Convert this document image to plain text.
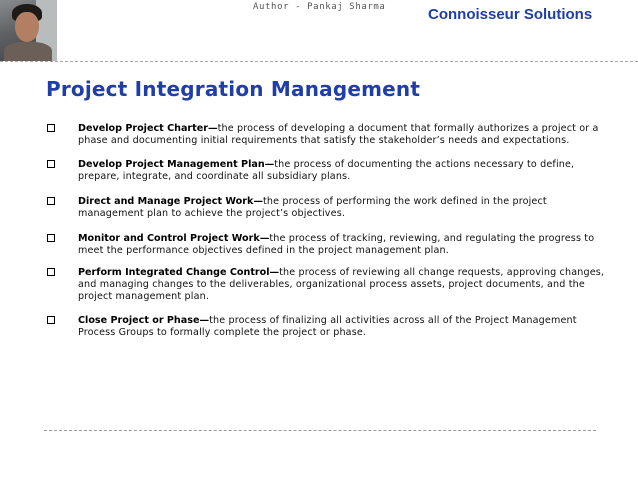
Author - Pankaj Sharma	Connoisseur Solutions
Project Integration Management
Develop Project Charter—the process of developing a document that formally authorizes a project or a phase and documenting initial requirements that satisfy the stakeholder’s needs and expectations.
Develop Project Management Plan—the process of documenting the actions necessary to define, prepare, integrate, and coordinate all subsidiary plans.
Direct and Manage Project Work—the process of performing the work defined in the project management plan to achieve the project’s objectives.
Monitor and Control Project Work—the process of tracking, reviewing, and regulating the progress to meet the performance objectives defined in the project management plan.
Perform Integrated Change Control—the process of reviewing all change requests, approving changes, and managing changes to the deliverables, organizational process assets, project documents, and the project management plan.
Close Project or Phase—the process of finalizing all activities across all of the Project Management Process Groups to formally complete the project or phase.
